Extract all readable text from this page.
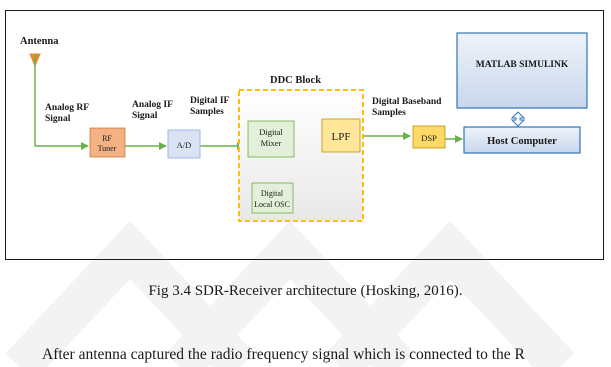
Antenna
Analog RF
Signal
Analog IF
Signal
Digital IF
Samples
Digital Baseband
Samples
DDC Block
RF
Tuner	A/D
Digital
Mixer	LPF
Digital
Local OSC
DSP	Host Computer
MATLAB SIMULINK
Fig 3.4 SDR-Receiver architecture (Hosking, 2016).
After antenna captured the radio frequency signal which is connected to the R
